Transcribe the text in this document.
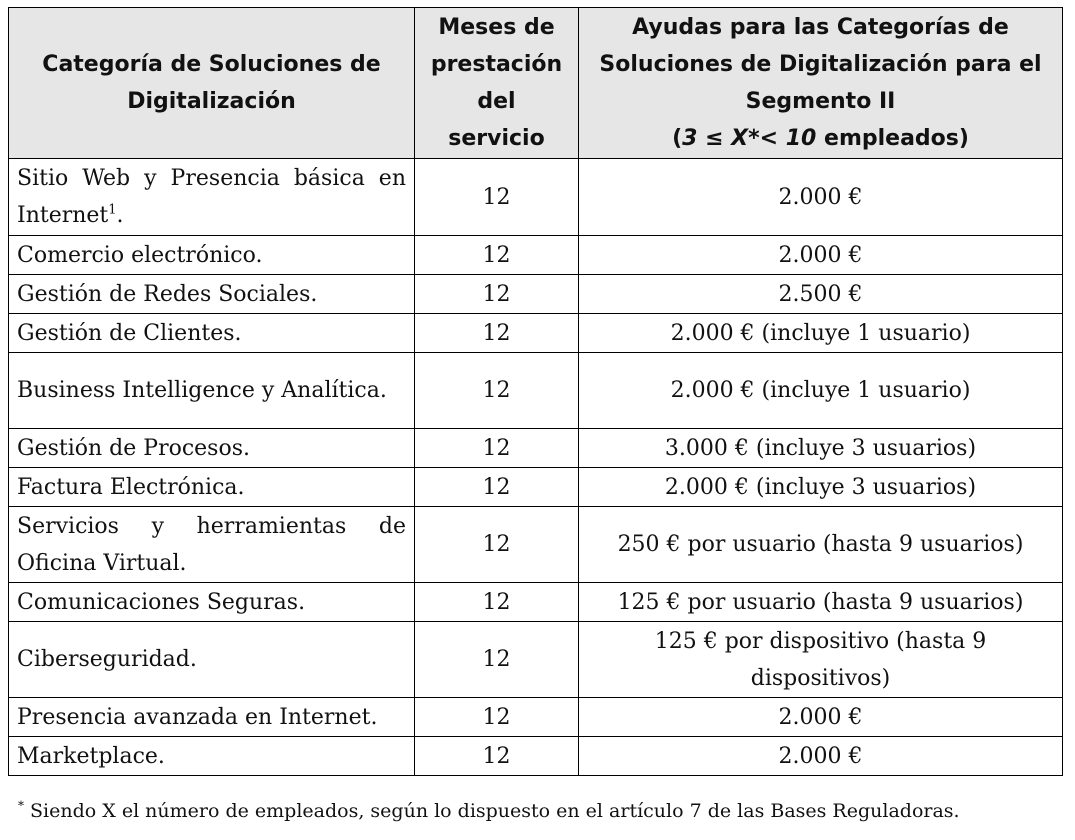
Categoría de Soluciones de Digitalización	Meses de prestación del servicio	Ayudas para las Categorías de Soluciones de Digitalización para el Segmento II
(3 ≤ X*< 10 empleados)
Sitio Web y Presencia básica en Internet$^1$.	12	2.000 €
Comercio electrónico.	12	2.000 €
Gestión de Redes Sociales.	12	2.500 €
Gestión de Clientes.	12	2.000 € (incluye 1 usuario)
Business Intelligence y Analítica.	12	2.000 € (incluye 1 usuario)
Gestión de Procesos.	12	3.000 € (incluye 3 usuarios)
Factura Electrónica.	12	2.000 € (incluye 3 usuarios)
Servicios y herramientas de Oficina Virtual.	12	250 € por usuario (hasta 9 usuarios)
Comunicaciones Seguras.	12	125 € por usuario (hasta 9 usuarios)
Ciberseguridad.	12	125 € por dispositivo (hasta 9 dispositivos)
Presencia avanzada en Internet.	12	2.000 €
Marketplace.	12	2.000 €
* Siendo X el número de empleados, según lo dispuesto en el artículo 7 de las Bases Reguladoras.
